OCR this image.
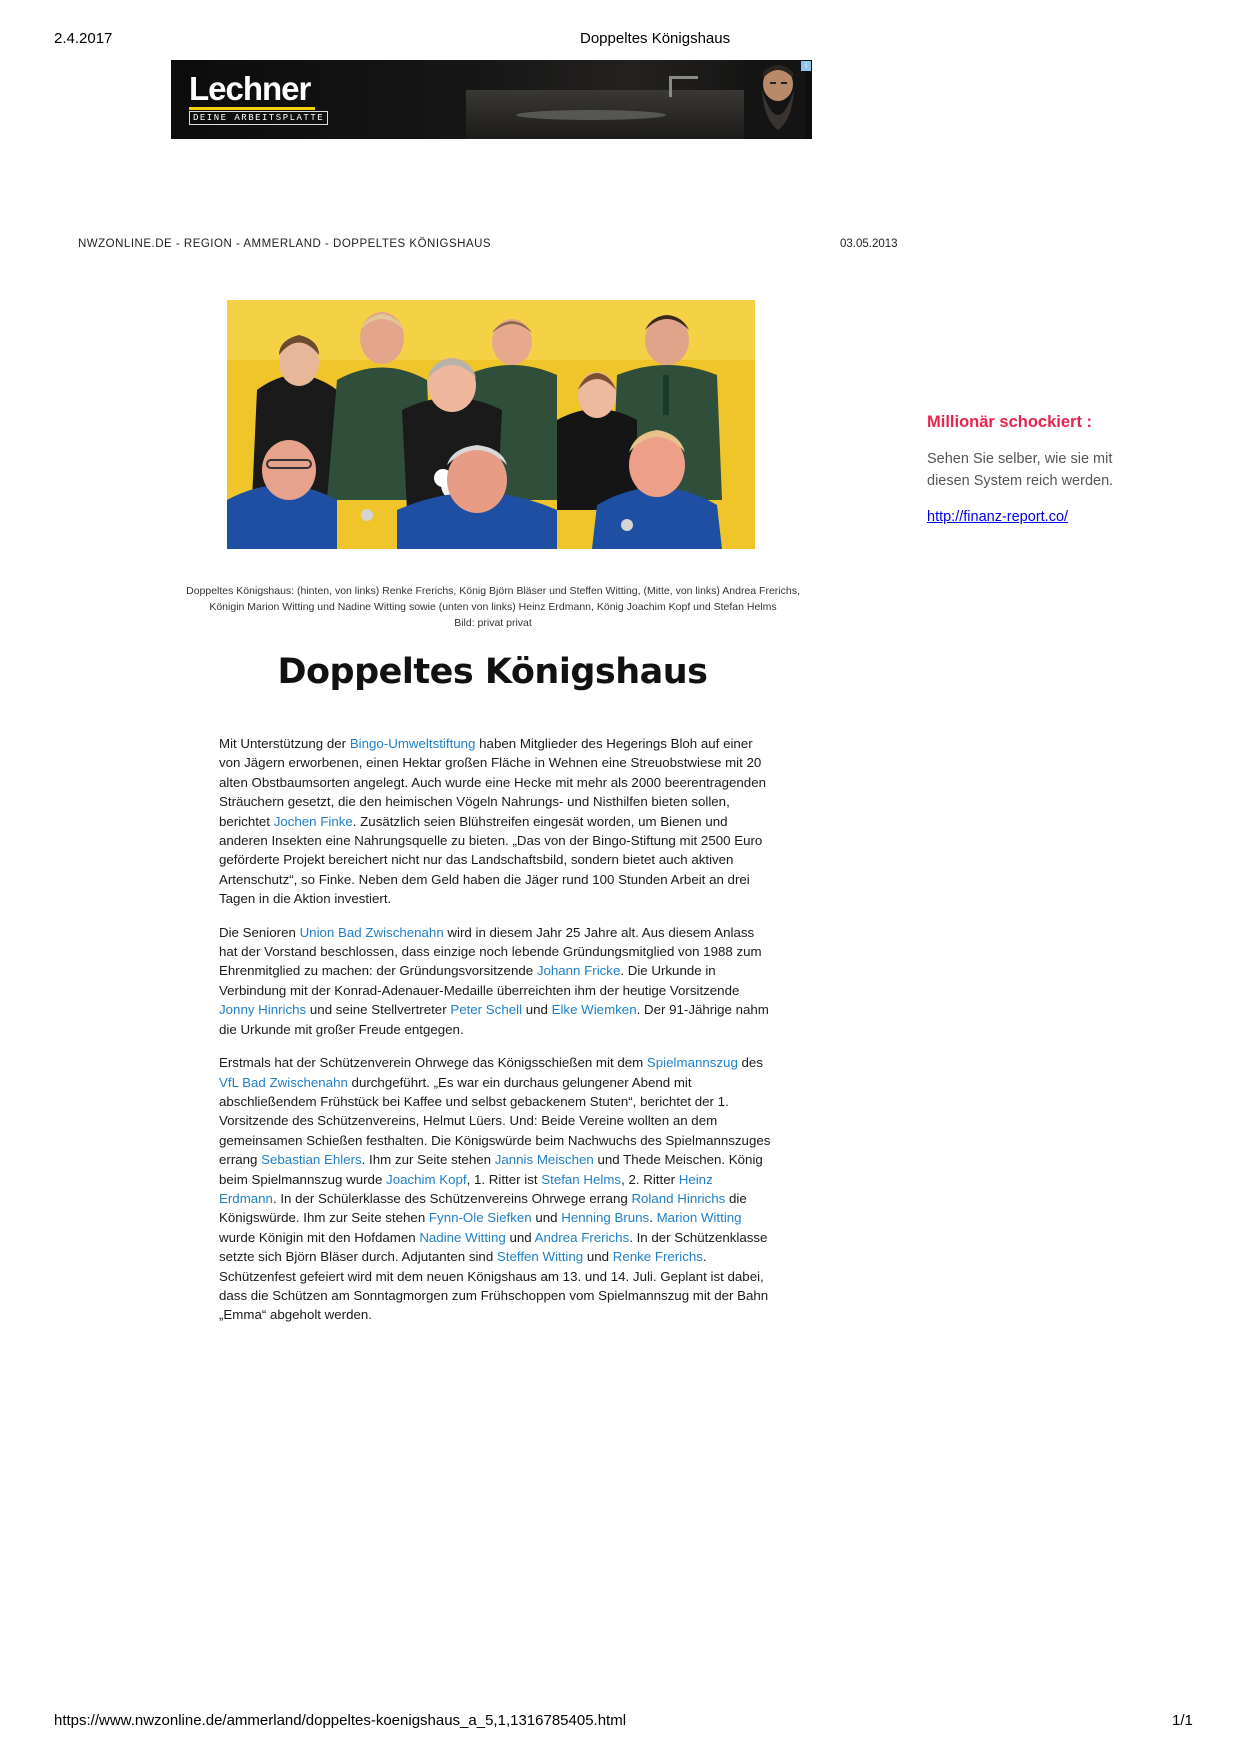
2.4.2017	Doppeltes Königshaus
Lechner
DEINE ARBEITSPLATTE
i
NWZONLINE.DE - REGION - AMMERLAND - DOPPELTES KÖNIGSHAUS	03.05.2013
Doppeltes Königshaus: (hinten, von links) Renke Frerichs, König Björn Bläser und Steffen Witting, (Mitte, von links) Andrea Frerichs, Königin Marion Witting und Nadine Witting sowie (unten von links) Heinz Erdmann, König Joachim Kopf und Stefan Helms
Bild: privat privat
Doppeltes Königshaus

Mit Unterstützung der Bingo-Umweltstiftung haben Mitglieder des Hegerings Bloh auf einer von Jägern erworbenen, einen Hektar großen Fläche in Wehnen eine Streuobstwiese mit 20 alten Obstbaumsorten angelegt. Auch wurde eine Hecke mit mehr als 2000 beerentragenden Sträuchern gesetzt, die den heimischen Vögeln Nahrungs- und Nisthilfen bieten sollen, berichtet Jochen Finke. Zusätzlich seien Blühstreifen eingesät worden, um Bienen und anderen Insekten eine Nahrungsquelle zu bieten. „Das von der Bingo-Stiftung mit 2500 Euro geförderte Projekt bereichert nicht nur das Landschaftsbild, sondern bietet auch aktiven Artenschutz“, so Finke. Neben dem Geld haben die Jäger rund 100 Stunden Arbeit an drei Tagen in die Aktion investiert.

Die Senioren Union Bad Zwischenahn wird in diesem Jahr 25 Jahre alt. Aus diesem Anlass hat der Vorstand beschlossen, dass einzige noch lebende Gründungsmitglied von 1988 zum Ehrenmitglied zu machen: der Gründungsvorsitzende Johann Fricke. Die Urkunde in Verbindung mit der Konrad-Adenauer-Medaille überreichten ihm der heutige Vorsitzende Jonny Hinrichs und seine Stellvertreter Peter Schell und Elke Wiemken. Der 91-Jährige nahm die Urkunde mit großer Freude entgegen.

Erstmals hat der Schützenverein Ohrwege das Königsschießen mit dem Spielmannszug des VfL Bad Zwischenahn durchgeführt. „Es war ein durchaus gelungener Abend mit abschließendem Frühstück bei Kaffee und selbst gebackenem Stuten“, berichtet der 1. Vorsitzende des Schützenvereins, Helmut Lüers. Und: Beide Vereine wollten an dem gemeinsamen Schießen festhalten. Die Königswürde beim Nachwuchs des Spielmannszuges errang Sebastian Ehlers. Ihm zur Seite stehen Jannis Meischen und Thede Meischen. König beim Spielmannszug wurde Joachim Kopf, 1. Ritter ist Stefan Helms, 2. Ritter Heinz Erdmann. In der Schülerklasse des Schützenvereins Ohrwege errang Roland Hinrichs die Königswürde. Ihm zur Seite stehen Fynn-Ole Siefken und Henning Bruns. Marion Witting wurde Königin mit den Hofdamen Nadine Witting und Andrea Frerichs. In der Schützenklasse setzte sich Björn Bläser durch. Adjutanten sind Steffen Witting und Renke Frerichs. Schützenfest gefeiert wird mit dem neuen Königshaus am 13. und 14. Juli. Geplant ist dabei, dass die Schützen am Sonntagmorgen zum Frühschoppen vom Spielmannszug mit der Bahn „Emma“ abgeholt werden.

Millionär schockiert :
Sehen Sie selber, wie sie mit diesen System reich werden.
http://finanz-report.co/
https://www.nwzonline.de/ammerland/doppeltes-koenigshaus_a_5,1,1316785405.html	1/1
